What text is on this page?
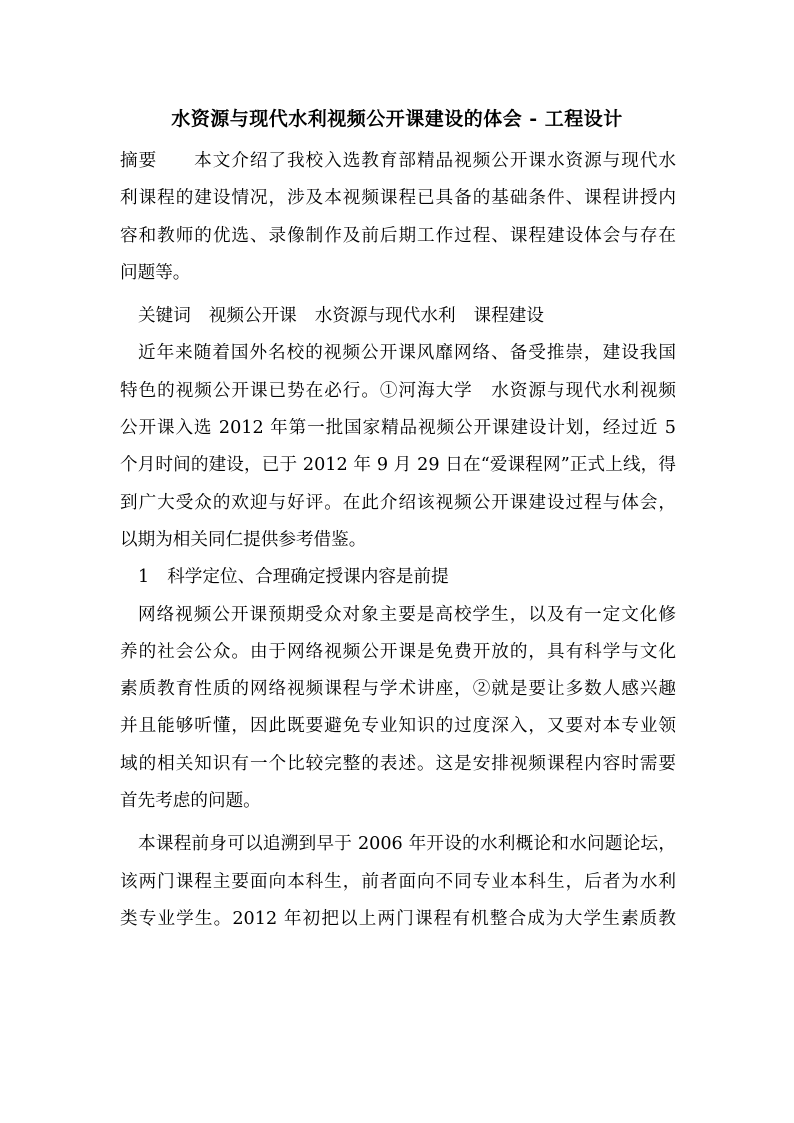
水资源与现代水利视频公开课建设的体会 - 工程设计
摘要 本文介绍了我校入选教育部精品视频公开课水资源与现代水
利课程的建设情况，涉及本视频课程已具备的基础条件、课程讲授内
容和教师的优选、录像制作及前后期工作过程、课程建设体会与存在
问题等。
关键词 视频公开课 水资源与现代水利 课程建设
近年来随着国外名校的视频公开课风靡网络、备受推崇，建设我国
特色的视频公开课已势在必行。①河海大学　水资源与现代水利视频
公开课入选 2012 年第一批国家精品视频公开课建设计划，经过近 5
个月时间的建设，已于 2012 年 9 月 29 日在“爱课程网”正式上线，得
到广大受众的欢迎与好评。在此介绍该视频公开课建设过程与体会，
以期为相关同仁提供参考借鉴。
1 科学定位、合理确定授课内容是前提
网络视频公开课预期受众对象主要是高校学生，以及有一定文化修
养的社会公众。由于网络视频公开课是免费开放的，具有科学与文化
素质教育性质的网络视频课程与学术讲座，②就是要让多数人感兴趣
并且能够听懂，因此既要避免专业知识的过度深入，又要对本专业领
域的相关知识有一个比较完整的表述。这是安排视频课程内容时需要
首先考虑的问题。
本课程前身可以追溯到早于 2006 年开设的水利概论和水问题论坛，
该两门课程主要面向本科生，前者面向不同专业本科生，后者为水利
类专业学生。2012 年初把以上两门课程有机整合成为大学生素质教
